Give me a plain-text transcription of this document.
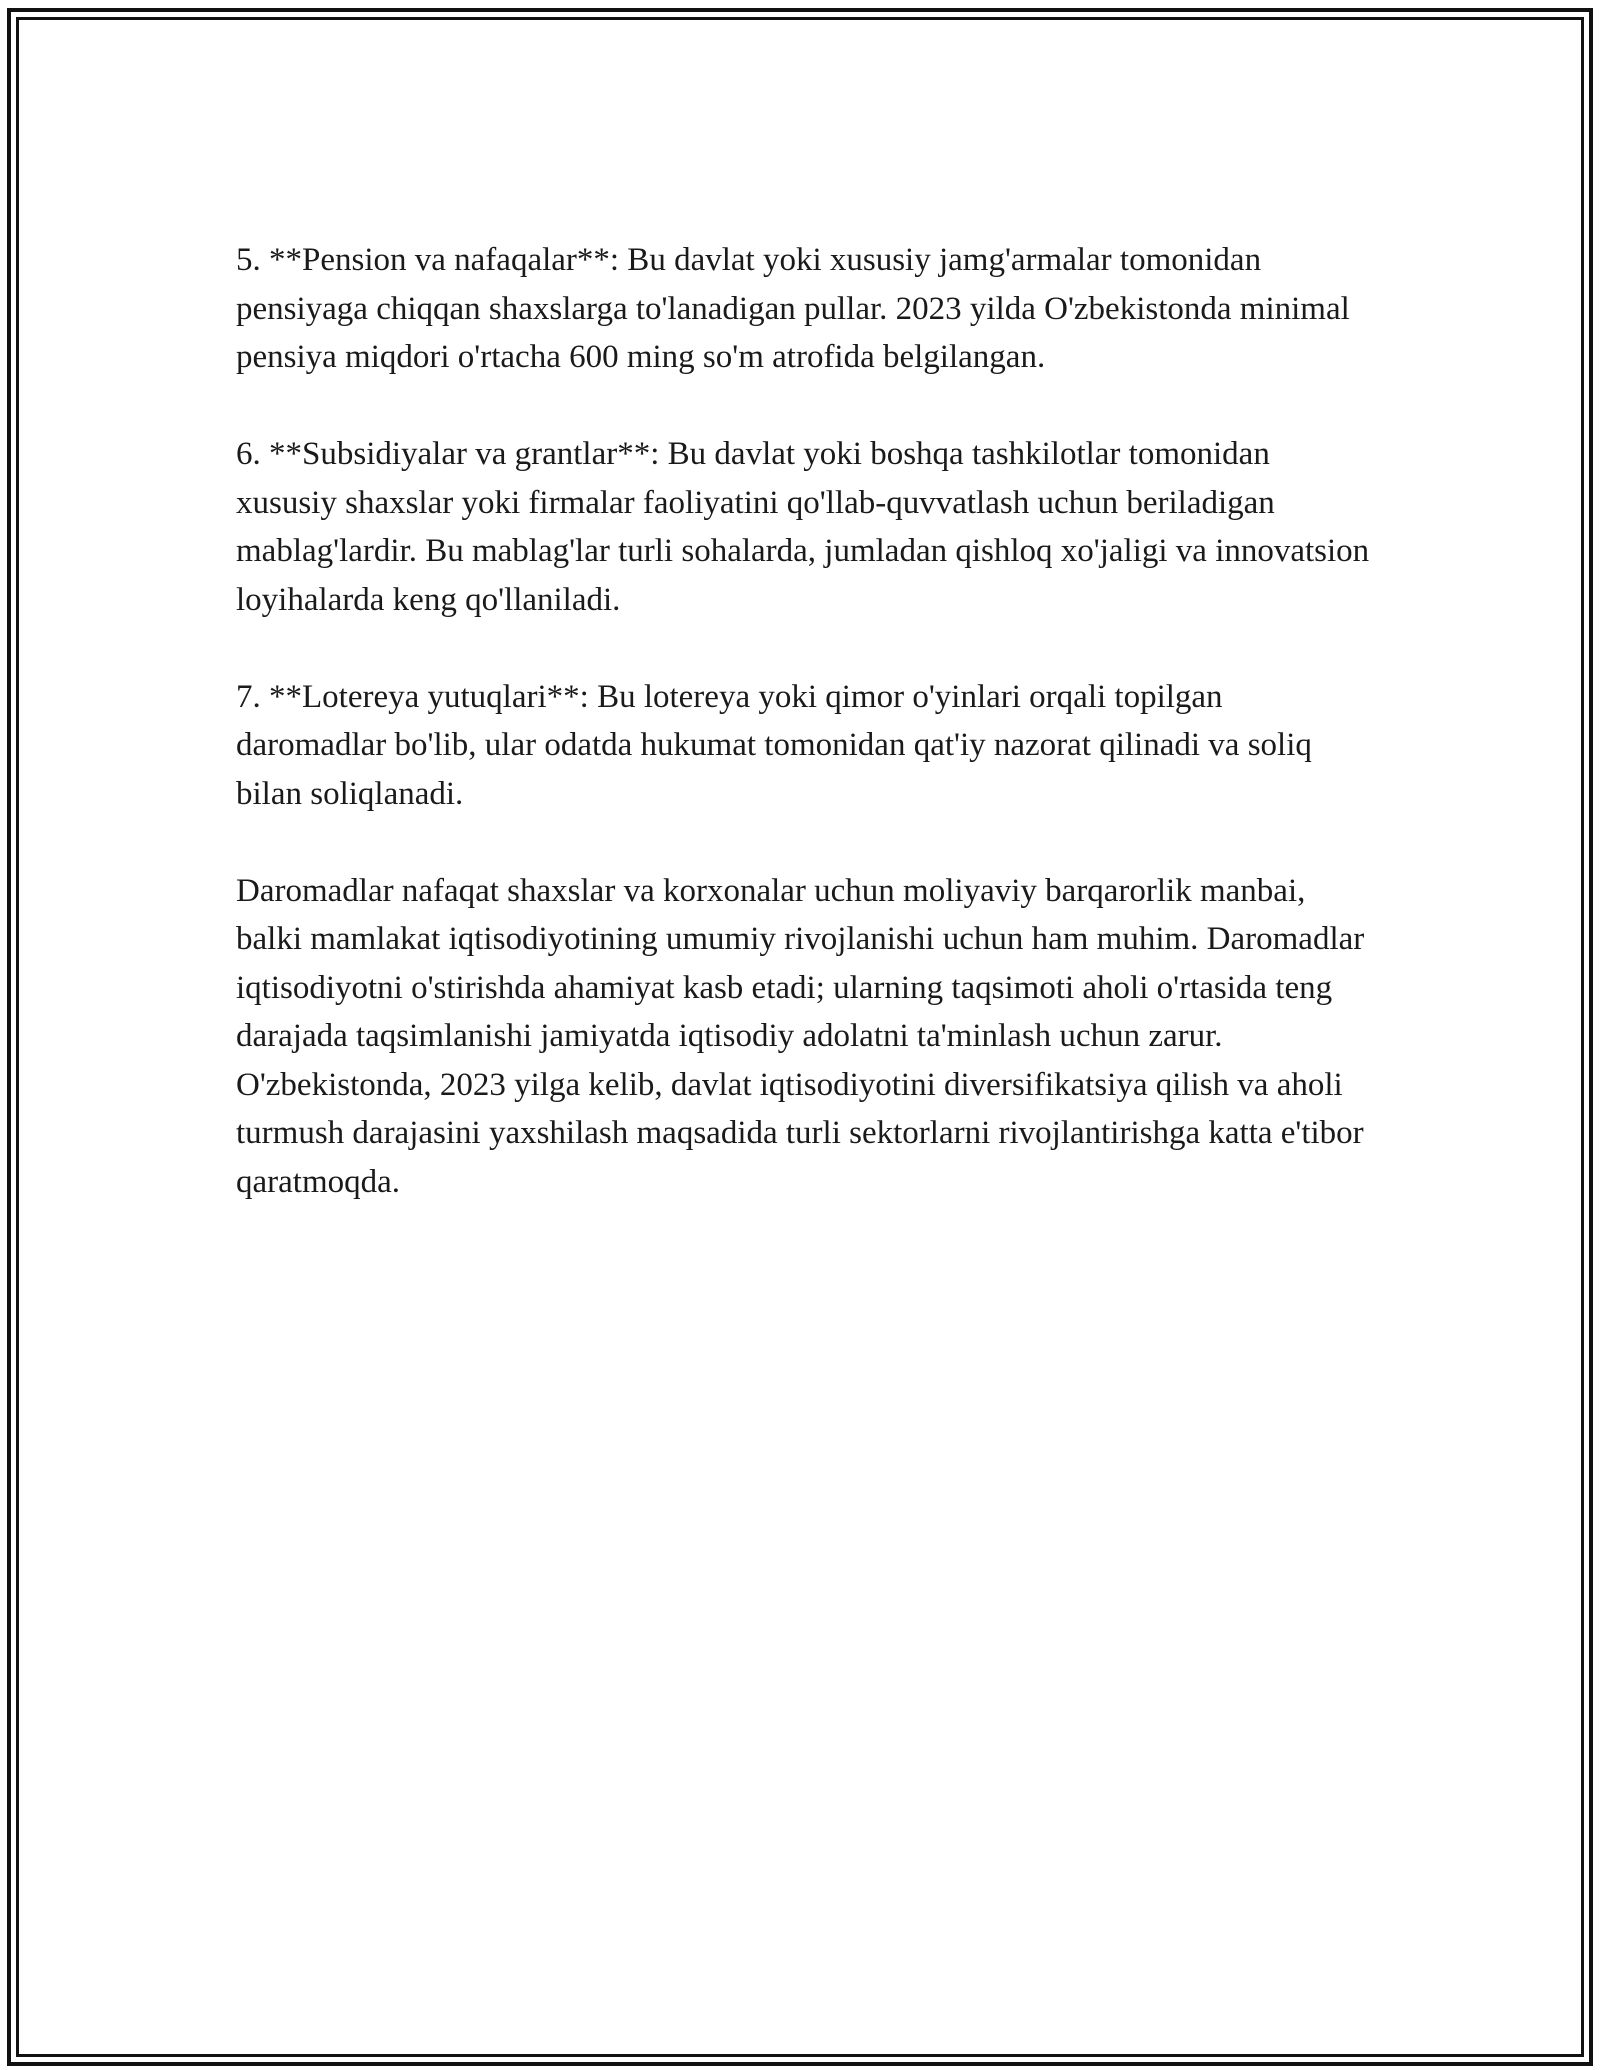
5. **Pension va nafaqalar**: Bu davlat yoki xususiy jamg'armalar tomonidan pensiyaga chiqqan shaxslarga to'lanadigan pullar. 2023 yilda O'zbekistonda minimal pensiya miqdori o'rtacha 600 ming so'm atrofida belgilangan.

6. **Subsidiyalar va grantlar**: Bu davlat yoki boshqa tashkilotlar tomonidan xususiy shaxslar yoki firmalar faoliyatini qo'llab-quvvatlash uchun beriladigan mablag'lardir. Bu mablag'lar turli sohalarda, jumladan qishloq xo'jaligi va innovatsion loyihalarda keng qo'llaniladi.

7. **Lotereya yutuqlari**: Bu lotereya yoki qimor o'yinlari orqali topilgan daromadlar bo'lib, ular odatda hukumat tomonidan qat'iy nazorat qilinadi va soliq bilan soliqlanadi.

Daromadlar nafaqat shaxslar va korxonalar uchun moliyaviy barqarorlik manbai, balki mamlakat iqtisodiyotining umumiy rivojlanishi uchun ham muhim. Daromadlar iqtisodiyotni o'stirishda ahamiyat kasb etadi; ularning taqsimoti aholi o'rtasida teng darajada taqsimlanishi jamiyatda iqtisodiy adolatni ta'minlash uchun zarur. O'zbekistonda, 2023 yilga kelib, davlat iqtisodiyotini diversifikatsiya qilish va aholi turmush darajasini yaxshilash maqsadida turli sektorlarni rivojlantirishga katta e'tibor qaratmoqda.
